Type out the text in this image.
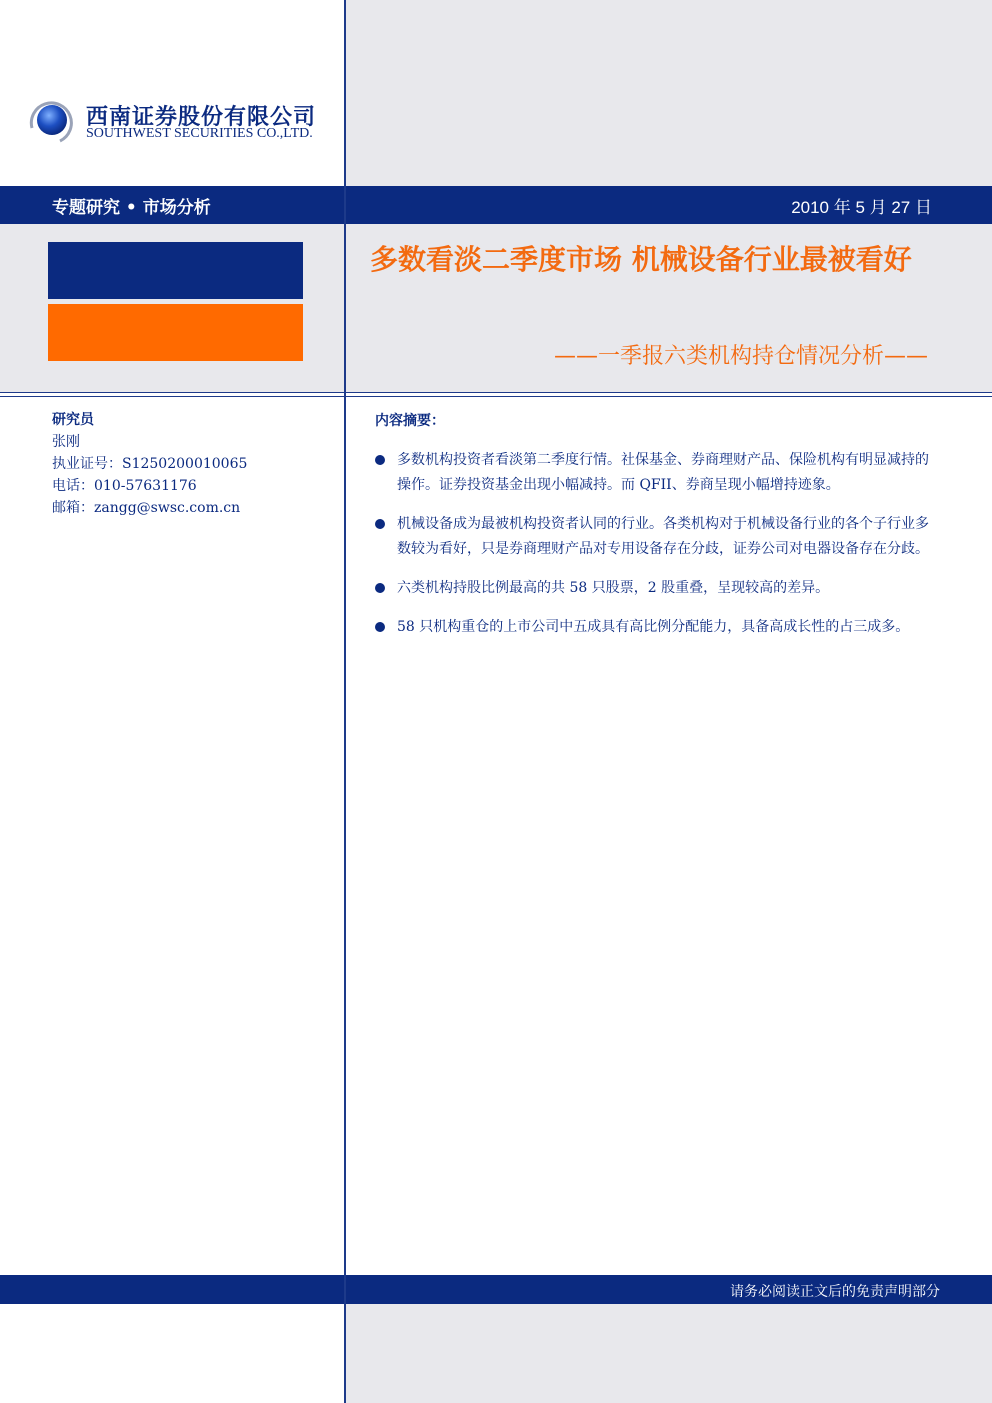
西南证券股份有限公司
SOUTHWEST SECURITIES CO.,LTD.
专题研究 • 市场分析	2010 年 5 月 27 日
多数看淡二季度市场 机械设备行业最被看好
——一季报六类机构持仓情况分析——
研究员
张刚
执业证号：S1250200010065
电话：010-57631176
邮箱：zangg@swsc.com.cn
内容摘要：
多数机构投资者看淡第二季度行情。社保基金、券商理财产品、保险机构有明显减持的操作。证券投资基金出现小幅减持。而 QFII、券商呈现小幅增持迹象。
机械设备成为最被机构投资者认同的行业。各类机构对于机械设备行业的各个子行业多数较为看好，只是券商理财产品对专用设备存在分歧，证券公司对电器设备存在分歧。
六类机构持股比例最高的共 58 只股票，2 股重叠，呈现较高的差异。
58 只机构重仓的上市公司中五成具有高比例分配能力，具备高成长性的占三成多。
请务必阅读正文后的免责声明部分
